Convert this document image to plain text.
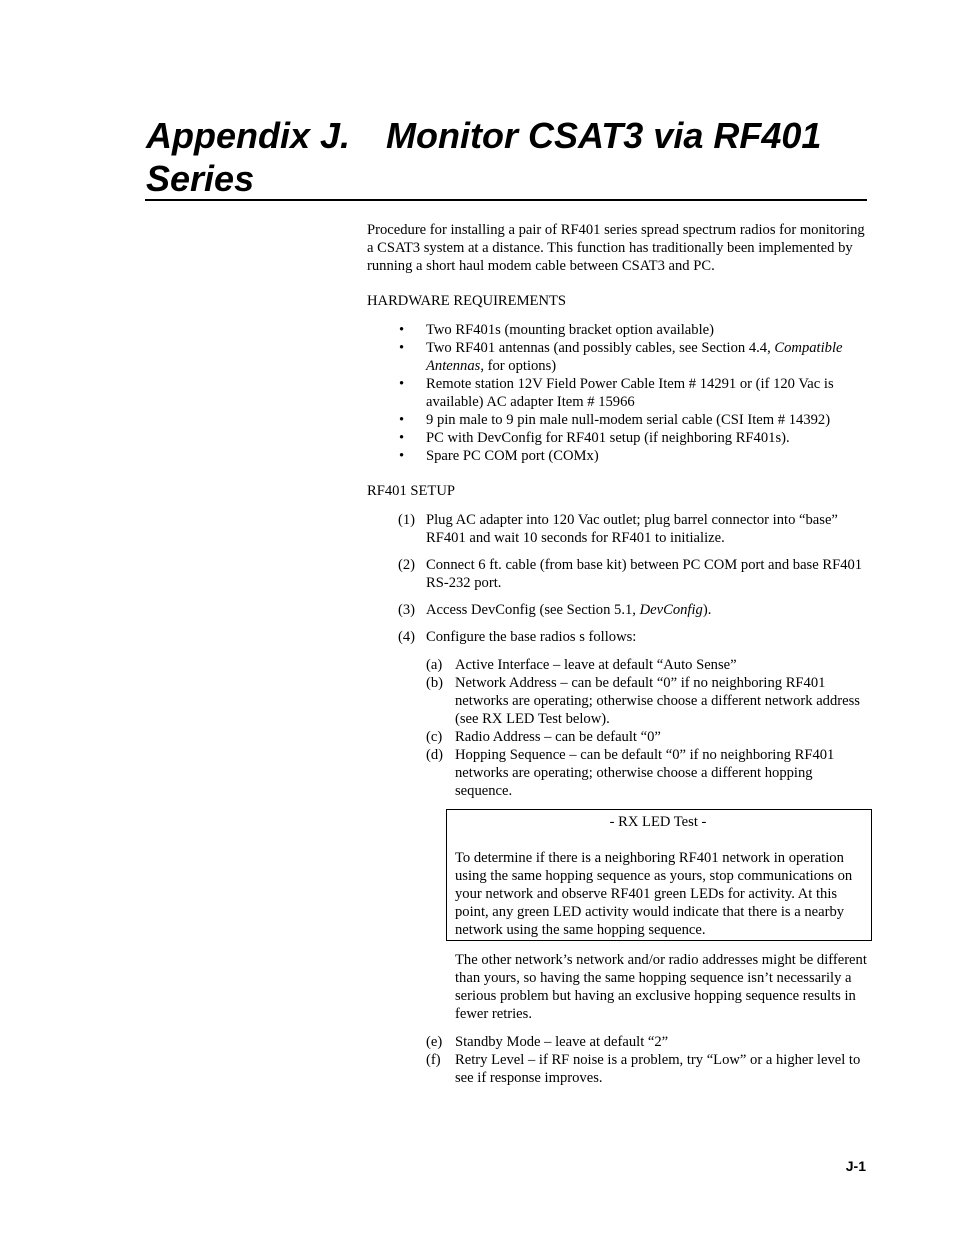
Appendix J. Monitor CSAT3 via RF401
Series

Procedure for installing a pair of RF401 series spread spectrum radios for monitoring a CSAT3 system at a distance. This function has traditionally been implemented by running a short haul modem cable between CSAT3 and PC.

HARDWARE REQUIREMENTS

• Two RF401s (mounting bracket option available)
• Two RF401 antennas (and possibly cables, see Section 4.4, Compatible Antennas, for options)
• Remote station 12V Field Power Cable Item # 14291 or (if 120 Vac is available) AC adapter Item # 15966
• 9 pin male to 9 pin male null-modem serial cable (CSI Item # 14392)
• PC with DevConfig for RF401 setup (if neighboring RF401s).
• Spare PC COM port (COMx)

RF401 SETUP

(1) Plug AC adapter into 120 Vac outlet; plug barrel connector into “base” RF401 and wait 10 seconds for RF401 to initialize.
(2) Connect 6 ft. cable (from base kit) between PC COM port and base RF401 RS-232 port.
(3) Access DevConfig (see Section 5.1, DevConfig).
(4) Configure the base radios s follows:
(a) Active Interface – leave at default “Auto Sense”
(b) Network Address – can be default “0” if no neighboring RF401 networks are operating; otherwise choose a different network address (see RX LED Test below).
(c) Radio Address – can be default “0”
(d) Hopping Sequence – can be default “0” if no neighboring RF401 networks are operating; otherwise choose a different hopping sequence.

- RX LED Test -

To determine if there is a neighboring RF401 network in operation using the same hopping sequence as yours, stop communications on your network and observe RF401 green LEDs for activity. At this point, any green LED activity would indicate that there is a nearby network using the same hopping sequence.

The other network’s network and/or radio addresses might be different than yours, so having the same hopping sequence isn’t necessarily a serious problem but having an exclusive hopping sequence results in fewer retries.

(e) Standby Mode – leave at default “2”
(f) Retry Level – if RF noise is a problem, try “Low” or a higher level to see if response improves.
J-1
